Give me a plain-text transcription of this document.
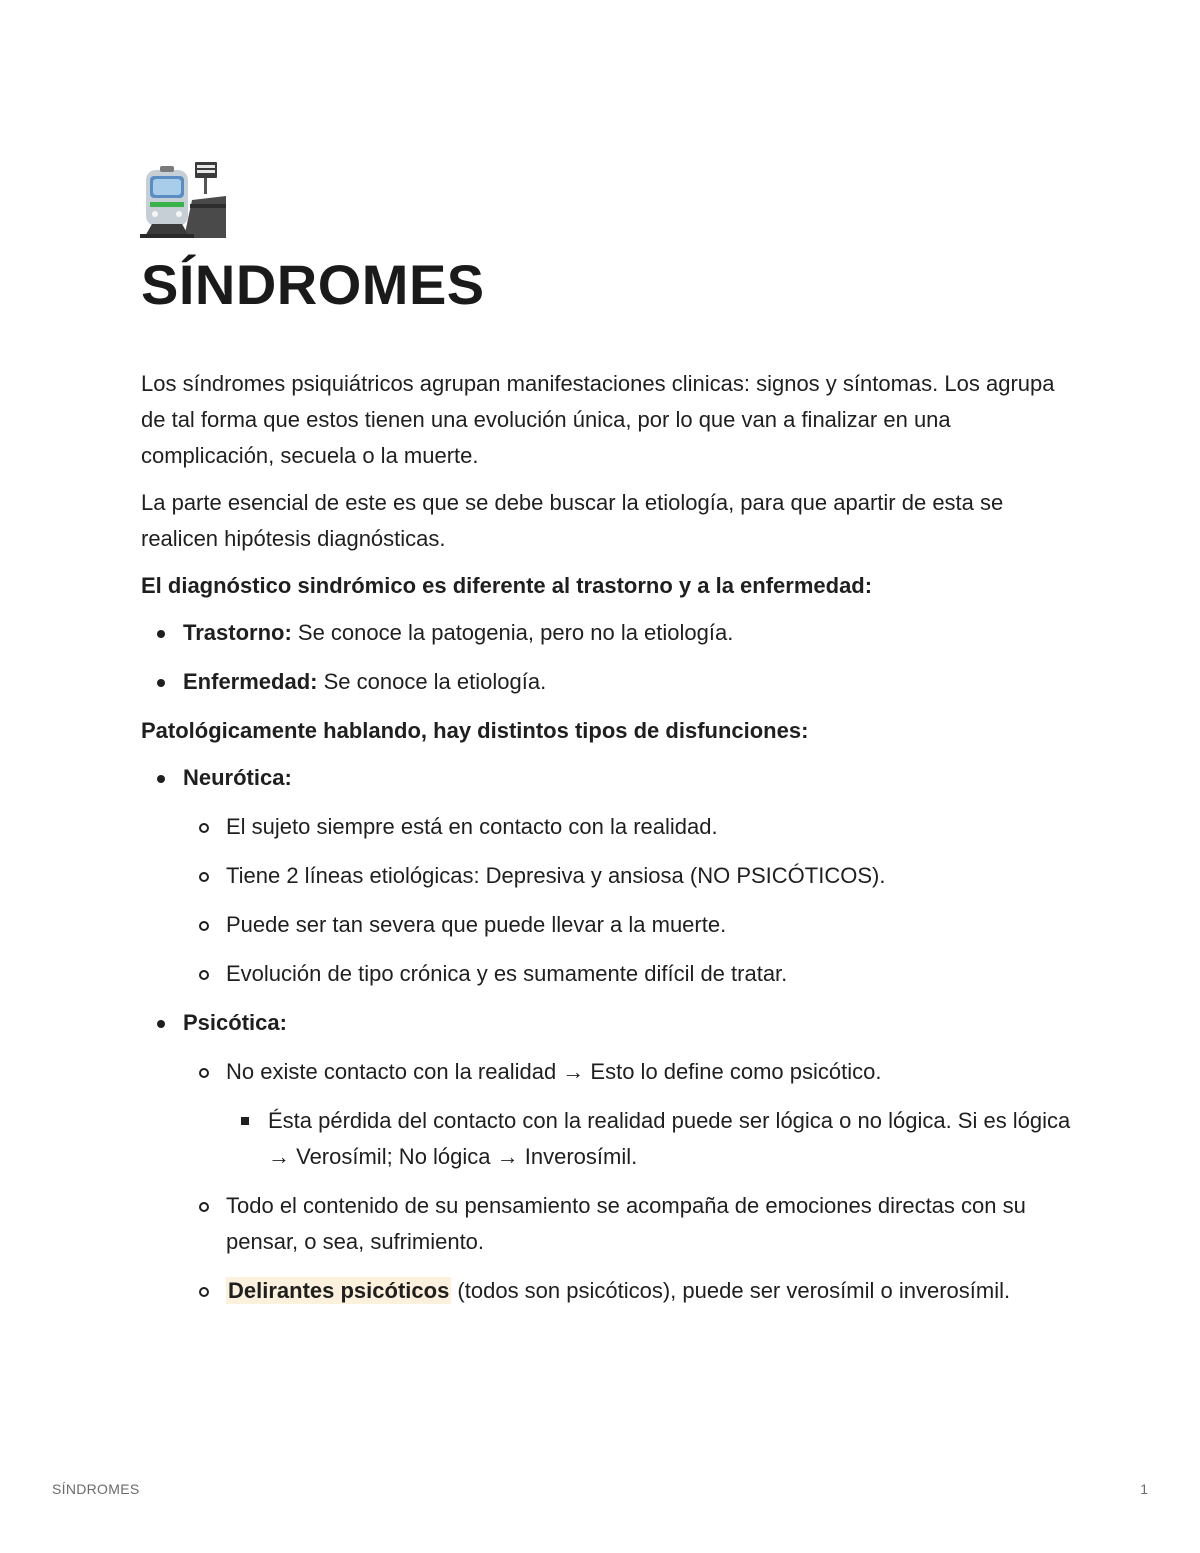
SÍNDROMES

Los síndromes psiquiátricos agrupan manifestaciones clinicas: signos y síntomas. Los agrupa de tal forma que estos tienen una evolución única, por lo que van a finalizar en una complicación, secuela o la muerte.

La parte esencial de este es que se debe buscar la etiología, para que apartir de esta se realicen hipótesis diagnósticas.

El diagnóstico sindrómico es diferente al trastorno y a la enfermedad:

Trastorno: Se conoce la patogenia, pero no la etiología.
Enfermedad: Se conoce la etiología.

Patológicamente hablando, hay distintos tipos de disfunciones:

Neurótica:
El sujeto siempre está en contacto con la realidad.
Tiene 2 líneas etiológicas: Depresiva y ansiosa (NO PSICÓTICOS).
Puede ser tan severa que puede llevar a la muerte.
Evolución de tipo crónica y es sumamente difícil de tratar.
Psicótica:
No existe contacto con la realidad → Esto lo define como psicótico.
Ésta pérdida del contacto con la realidad puede ser lógica o no lógica. Si es lógica → Verosímil; No lógica → Inverosímil.
Todo el contenido de su pensamiento se acompaña de emociones directas con su pensar, o sea, sufrimiento.
Delirantes psicóticos (todos son psicóticos), puede ser verosímil o inverosímil.
SÍNDROMES	1
